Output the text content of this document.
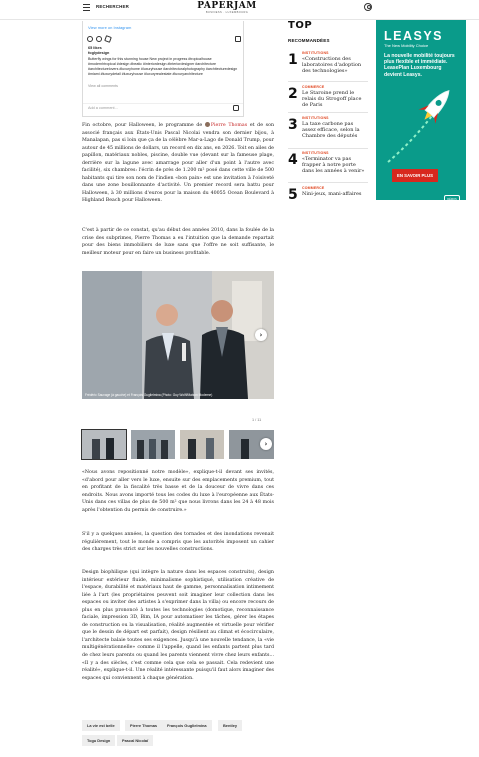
RECHERCHER	PAPERJAM
BUSINESS · LUXEMBOURG
View more on Instagram
65 likes
foglydesign
Butterfly wings for this stunning house New project in progress #tropicalhouse #modernhtropical #design #beatic #interiordesign #interiordesigner #architecture #architecturelovers #luxuryhome #luxuryhouse #architecturalphotography #architecturedesign #miami #luxurydetail #luxuryhouse #luxuryrealestate #luxuryarchitecture
View all comments
Add a comment...
Fin octobre, pour Halloween, le programme de Pierre Thomas et de son associé français aux États-Unis Pascal Nicolai vendra son dernier bijou, à Manalapan, pas si loin que ça de la célèbre Mar-a-Lago de Donald Trump, pour autour de 45 millions de dollars, un record en dix ans, en 2026. Toit en ailes de papillon, matériaux nobles, piscine, double vue (devant sur la fameuse plage, derrière sur la lagune avec amarrage pour aller d'un point à l'autre avec facilité), six chambres: l'écrin de près de 1.200 m² posé dans cette ville de 500 habitants qui tire son nom de l'indien «bon pain» est une invitation à l'oisiveté dans une zone bouillonnante d'activité. Un premier record sera battu pour Halloween, à 30 millions d'euros pour la maison du 40055 Ocean Boulevard à Highland Beach pour Halloween.
C'est à partir de ce constat, qu'au début des années 2010, dans la foulée de la crise des subprimes, Pierre Thomas a eu l'intuition que la demande repartait pour des biens immobiliers de luxe sans que l'offre ne soit suffisante, le meilleur moteur pour en faire un business profitable.
Frédéric Sauvage (à gauche) et François Guglielmina (Photo: Guy Wolff/Maison Moderne)
›
1 / 11
›
«Nous avons repositionné notre modèle», explique-t-il devant ses invités, «d'abord pour aller vers le luxe, ensuite sur des emplacements premium, tout en profitant de la fiscalité très basse et de la douceur de vivre dans ces endroits. Nous avons importé tous les codes du luxe à l'européenne aux États-Unis dans ces villas de plus de 500 m² que nous livrons dans les 24 à 48 mois après l'obtention du permis de construire.»
S'il y a quelques années, la question des tornades et des inondations revenait régulièrement, tout le monde a compris que les autorités imposent un cahier des charges très strict sur les nouvelles constructions.
Design biophilique (qui intègre la nature dans les espaces construits), design intérieur extérieur fluide, minimalisme sophistiqué, utilisation créative de l'espace, durabilité et matériaux haut de gamme, personnalisation intimement liée à l'art (les propriétaires peuvent soit imaginer leur collection dans les espaces ou inviter des artistes à s'exprimer dans la villa) ou encore recours de plus en plus prononcé à toutes les technologies (domotique, reconnaissance faciale, impression 3D, Bim, IA pour automatiser les tâches, gérer les étapes de construction ou la visualisation, réalité augmentée et virtuelle pour vérifier que le dessin de départ est parfait), design résilient au climat et écocirculaire, l'architecte balaie toutes ses exigences. Jusqu'à une nouvelle tendance, la «vie multigénérationnelle» comme il l'appelle, quand les enfants partent plus tard de chez leurs parents ou quand les parents viennent vivre chez leurs enfants... «Il y a des siècles, c'est comme cela que cela se passait. Cela redevient une réalité», explique-t-il. Une réalité intéressante puisqu'il faut alors imaginer des espaces qui conviennent à chaque génération.
La vie est belle	Pierre Thomas	François Guglielmina	Bentley
Togu Design	Pascal Nicolaï
TOP
RECOMMANDÉES
1 INSTITUTIONS
«Constructions des laboratoires d'adoption des technologies»
2 COMMERCE
Le Staroine prend le relais du Strogoff place de Paris
3 INSTITUTIONS
La taxe carbone pas assez efficace, selon la Chambre des députés
4 INSTITUTIONS
«Terminator va pas frapper à notre porte dans les années à venir»
5 COMMERCE
Nini-jeux, mani-affaires
LEASYS
The New Mobility Choice
La nouvelle mobilité toujours plus flexible et immédiate. LeasePlan Luxembourg devient Leasys.
EN SAVOIR PLUS
DÉMOS
